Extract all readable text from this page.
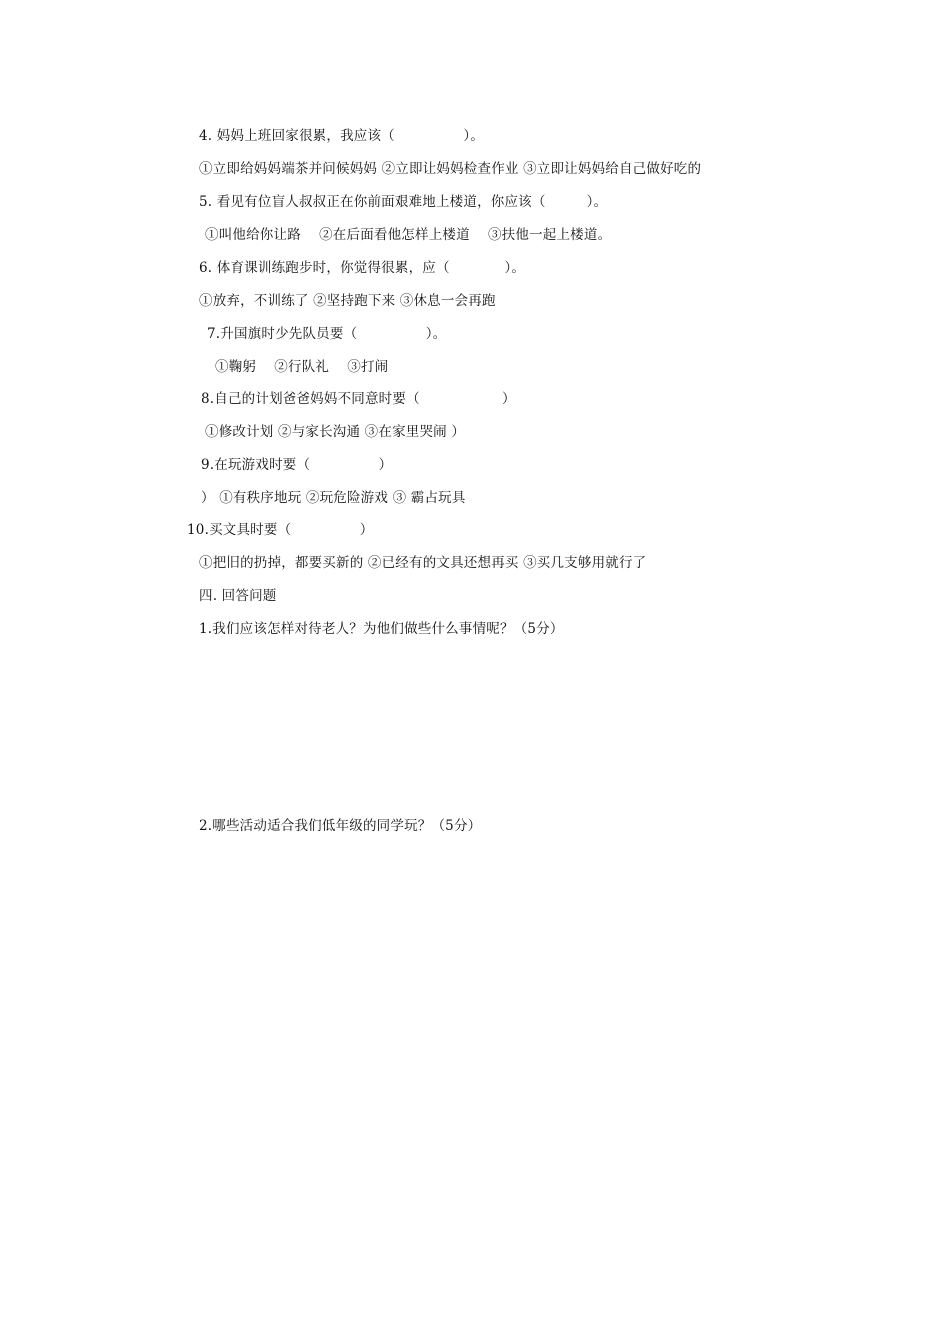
4. 妈妈上班回家很累，我应该（　　　　　）。
①立即给妈妈端茶并问候妈妈 ②立即让妈妈检查作业 ③立即让妈妈给自己做好吃的
5. 看见有位盲人叔叔正在你前面艰难地上楼道，你应该（　　　）。
①叫他给你让路　 ②在后面看他怎样上楼道　 ③扶他一起上楼道。
6. 体育课训练跑步时，你觉得很累，应（　　　　）。
①放弃，不训练了 ②坚持跑下来 ③休息一会再跑
7.升国旗时少先队员要（　　　　　）。
①鞠躬　 ②行队礼　 ③打闹
8.自己的计划爸爸妈妈不同意时要（　　　　　　）
①修改计划 ②与家长沟通 ③在家里哭闹 ）
9.在玩游戏时要（　　　　　）
） ①有秩序地玩 ②玩危险游戏 ③ 霸占玩具
10.买文具时要（　　　　　）
①把旧的扔掉，都要买新的 ②已经有的文具还想再买 ③买几支够用就行了
四. 回答问题
1.我们应该怎样对待老人？为他们做些什么事情呢？（5分）
2.哪些活动适合我们低年级的同学玩？（5分）
